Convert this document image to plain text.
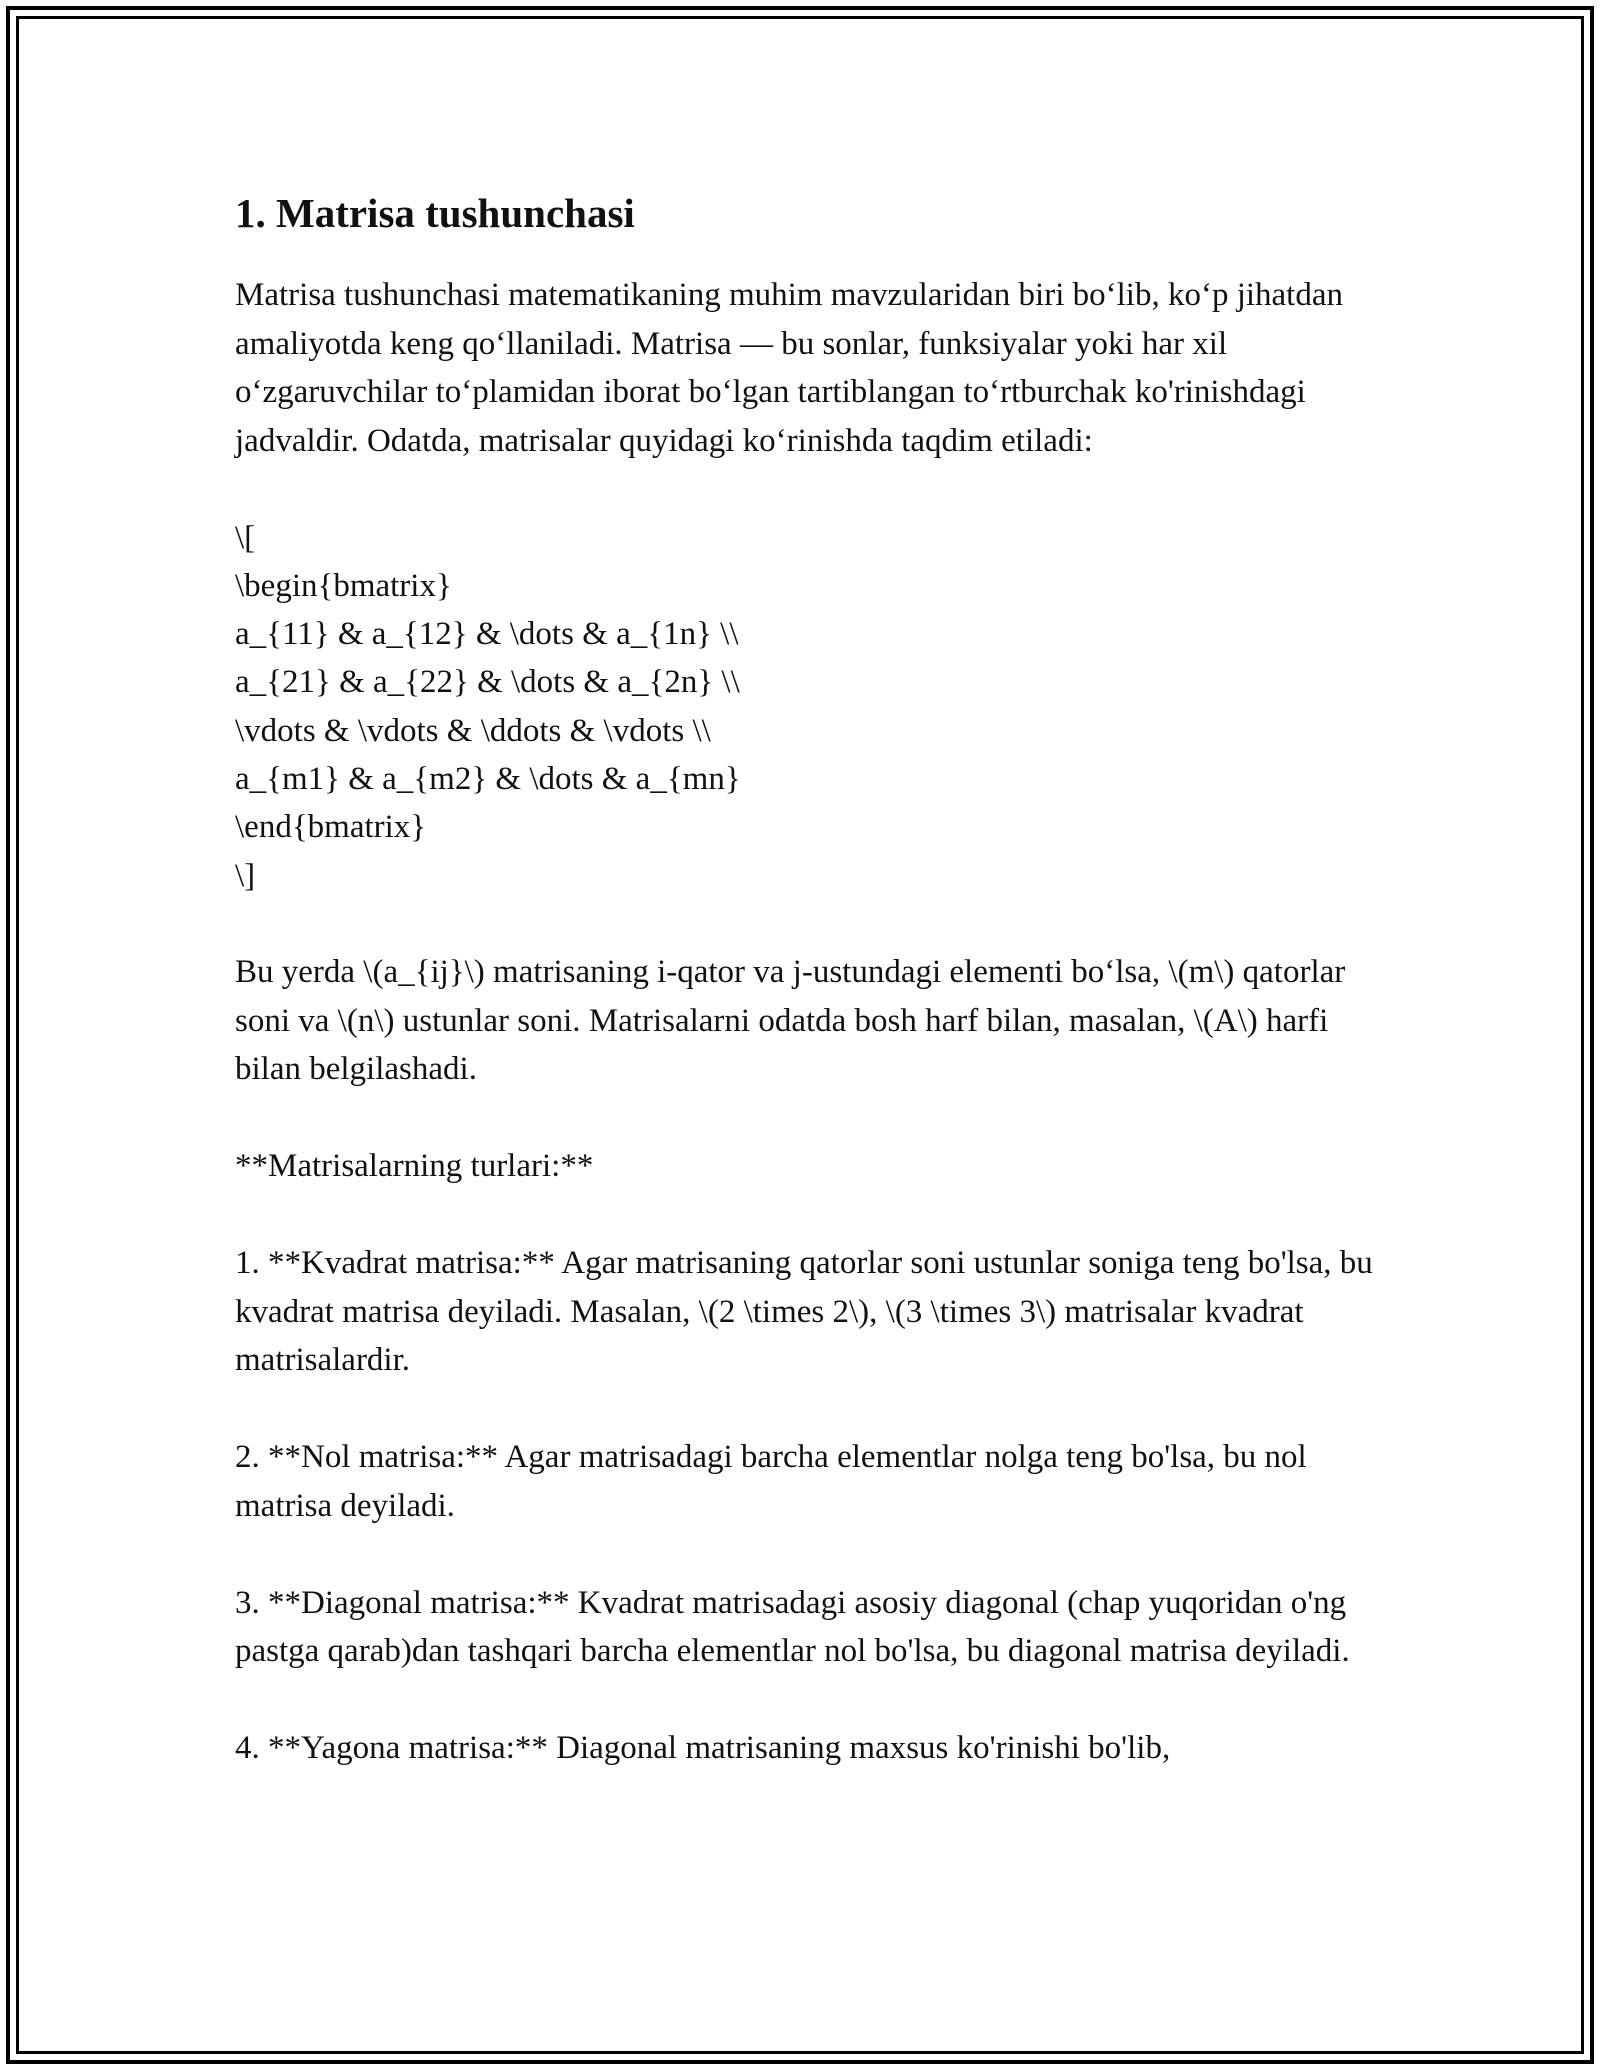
1. Matrisa tushunchasi

Matrisa tushunchasi matematikaning muhim mavzularidan biri bo‘lib, ko‘p jihatdan amaliyotda keng qo‘llaniladi. Matrisa — bu sonlar, funksiyalar yoki har xil o‘zgaruvchilar to‘plamidan iborat bo‘lgan tartiblangan to‘rtburchak ko'rinishdagi jadvaldir. Odatda, matrisalar quyidagi ko‘rinishda taqdim etiladi:

\[

\begin{bmatrix}

a_{11} & a_{12} & \dots & a_{1n} \\

a_{21} & a_{22} & \dots & a_{2n} \\

\vdots & \vdots & \ddots & \vdots \\

a_{m1} & a_{m2} & \dots & a_{mn}

\end{bmatrix}

\]

Bu yerda \(a_{ij}\) matrisaning i-qator va j-ustundagi elementi bo‘lsa, \(m\) qatorlar soni va \(n\) ustunlar soni. Matrisalarni odatda bosh harf bilan, masalan, \(A\) harfi bilan belgilashadi.

**Matrisalarning turlari:**

1. **Kvadrat matrisa:** Agar matrisaning qatorlar soni ustunlar soniga teng bo'lsa, bu kvadrat matrisa deyiladi. Masalan, \(2 \times 2\), \(3 \times 3\) matrisalar kvadrat matrisalardir.

2. **Nol matrisa:** Agar matrisadagi barcha elementlar nolga teng bo'lsa, bu nol matrisa deyiladi.

3. **Diagonal matrisa:** Kvadrat matrisadagi asosiy diagonal (chap yuqoridan o'ng pastga qarab)dan tashqari barcha elementlar nol bo'lsa, bu diagonal matrisa deyiladi.

4. **Yagona matrisa:** Diagonal matrisaning maxsus ko'rinishi bo'lib,
